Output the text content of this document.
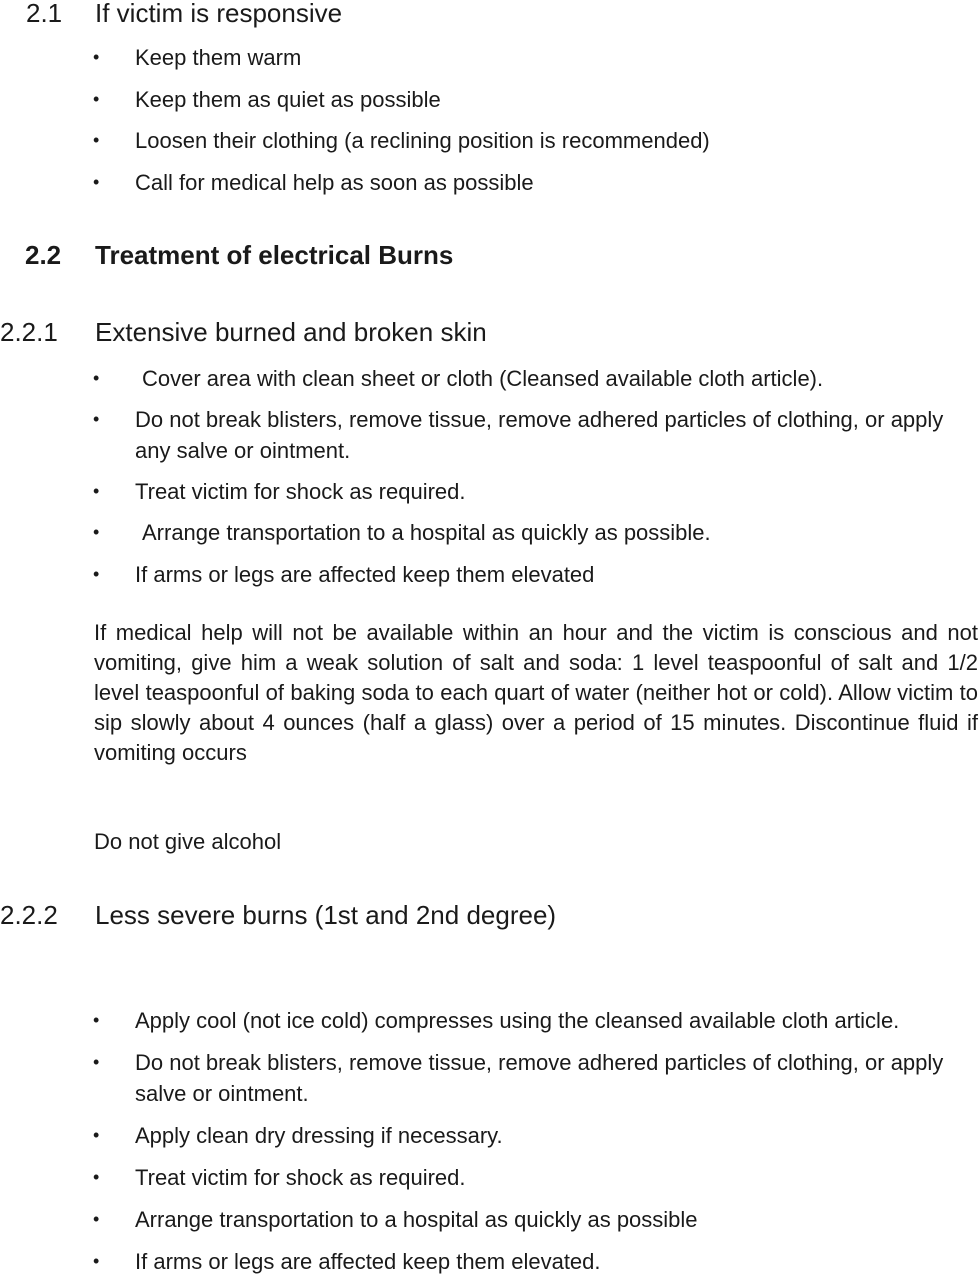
2.1 If victim is responsive
• Keep them warm
• Keep them as quiet as possible
• Loosen their clothing (a reclining position is recommended)
• Call for medical help as soon as possible
2.2 Treatment of electrical Burns
2.2.1 Extensive burned and broken skin
• Cover area with clean sheet or cloth (Cleansed available cloth article).
• Do not break blisters, remove tissue, remove adhered particles of clothing, or apply any salve or ointment.
• Treat victim for shock as required.
• Arrange transportation to a hospital as quickly as possible.
• If arms or legs are affected keep them elevated

If medical help will not be available within an hour and the victim is conscious and not vomiting, give him a weak solution of salt and soda: 1 level teaspoonful of salt and 1/2 level teaspoonful of baking soda to each quart of water (neither hot or cold). Allow victim to sip slowly about 4 ounces (half a glass) over a period of 15 minutes. Discontinue fluid if vomiting occurs

Do not give alcohol

2.2.2 Less severe burns (1st and 2nd degree)
• Apply cool (not ice cold) compresses using the cleansed available cloth article.
• Do not break blisters, remove tissue, remove adhered particles of clothing, or apply salve or ointment.
• Apply clean dry dressing if necessary.
• Treat victim for shock as required.
• Arrange transportation to a hospital as quickly as possible
• If arms or legs are affected keep them elevated.
